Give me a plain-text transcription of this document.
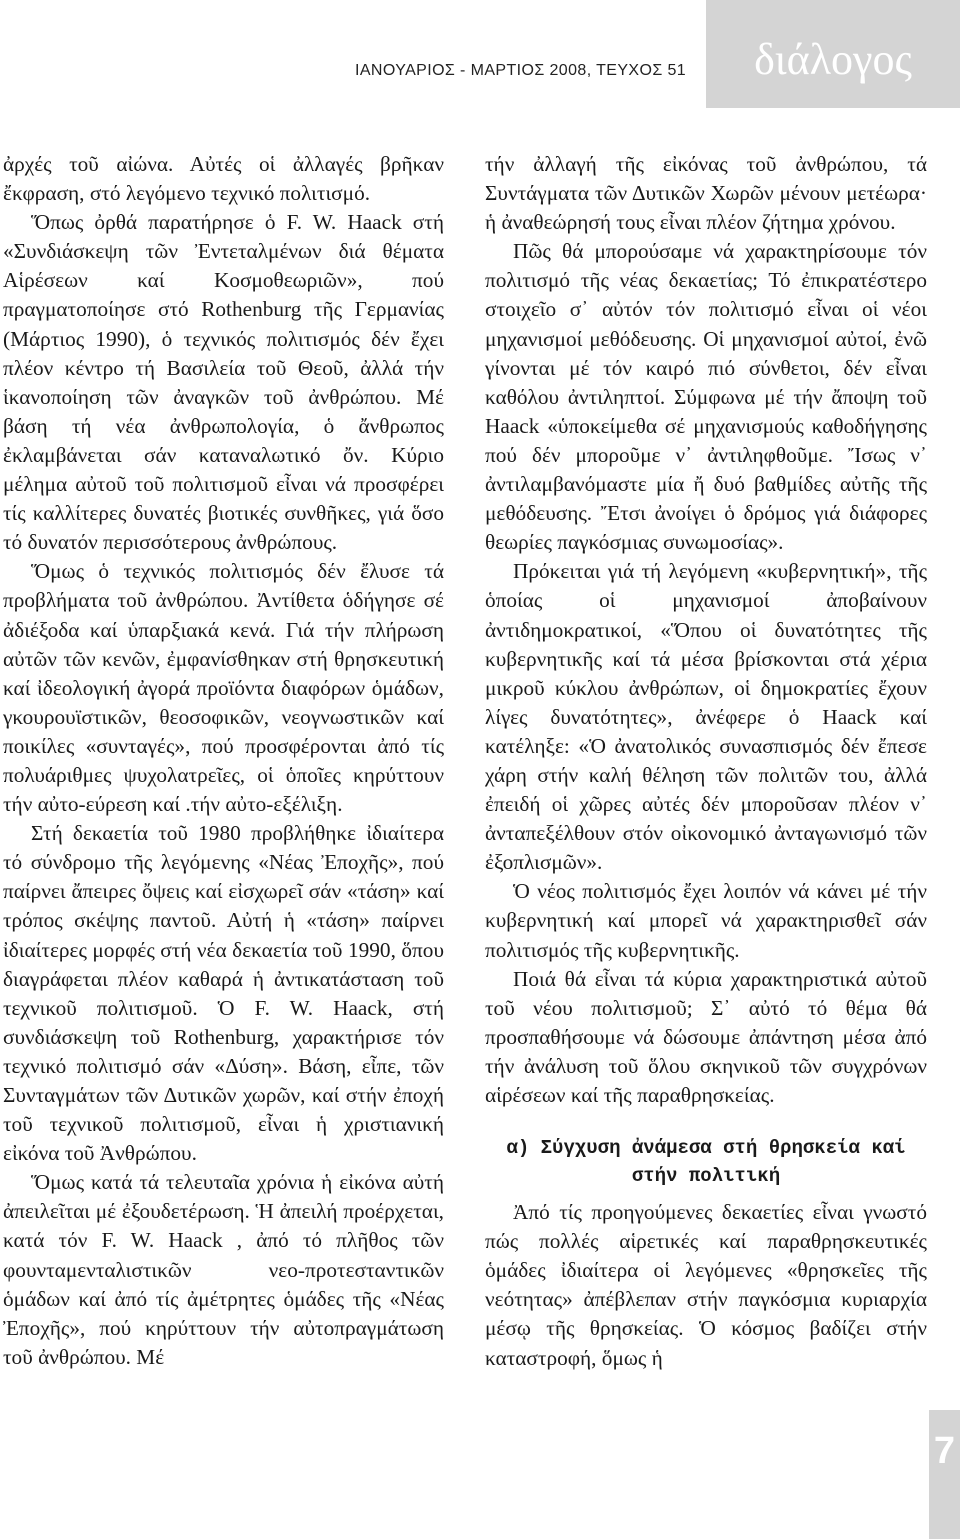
ΙΑΝΟΥΑΡΙΟΣ - ΜΑΡΤΙΟΣ 2008, ΤΕΥΧΟΣ 51	διάλογος

ἀρχές τοῦ αἰώνα. Αὐτές οἱ ἀλλαγές βρῆκαν ἔκφραση, στό λεγόμενο τεχνικό πολιτισμό.

Ὅπως ὀρθά παρατήρησε ὁ F. W. Haack στή «Συνδιάσκεψη τῶν Ἐντεταλμένων διά θέματα Αἱρέσεων καί Κοσμοθεωριῶν», πού πραγματοποίησε στό Rothenburg τῆς Γερμανίας (Μάρτιος 1990), ὁ τεχνικός πολιτισμός δέν ἔχει πλέον κέντρο τή Βασιλεία τοῦ Θεοῦ, ἀλλά τήν ἱκανοποίηση τῶν ἀναγκῶν τοῦ ἀνθρώπου. Μέ βάση τή νέα ἀνθρωπολογία, ὁ ἄνθρωπος ἐκλαμβάνεται σάν καταναλωτικό ὄν. Κύριο μέλημα αὐτοῦ τοῦ πολιτισμοῦ εἶναι νά προσφέρει τίς καλλίτερες δυνατές βιοτικές συνθῆκες, γιά ὅσο τό δυνατόν περισσότερους ἀνθρώπους.

Ὅμως ὁ τεχνικός πολιτισμός δέν ἔλυσε τά προβλήματα τοῦ ἀνθρώπου. Ἀντίθετα ὁδήγησε σέ ἀδιέξοδα καί ὑπαρξιακά κενά. Γιά τήν πλήρωση αὐτῶν τῶν κενῶν, ἐμφανίσθηκαν στή θρησκευτική καί ἰδεολογική ἀγορά προϊόντα διαφόρων ὁμάδων, γκουρουϊστικῶν, θεοσοφικῶν, νεογνωστικῶν καί ποικίλες «συνταγές», πού προσφέρονται ἀπό τίς πολυάριθμες ψυχολατρεῖες, οἱ ὁποῖες κηρύττουν τήν αὐτο-εύρεση καί .τήν αὐτο-εξέλιξη.

Στή δεκαετία τοῦ 1980 προβλήθηκε ἰδιαίτερα τό σύνδρομο τῆς λεγόμενης «Νέας Ἐποχῆς», πού παίρνει ἄπειρες ὄψεις καί εἰσχωρεῖ σάν «τάση» καί τρόπος σκέψης παντοῦ. Αὐτή ἡ «τάση» παίρνει ἰδιαίτερες μορφές στή νέα δεκαετία τοῦ 1990, ὅπου διαγράφεται πλέον καθαρά ἡ ἀντικατάσταση τοῦ τεχνικοῦ πολιτισμοῦ. Ὁ F. W. Haack, στή συνδιάσκεψη τοῦ Rothenburg, χαρακτήρισε τόν τεχνικό πολιτισμό σάν «Δύση». Βάση, εἶπε, τῶν Συνταγμάτων τῶν Δυτικῶν χωρῶν, καί στήν ἐποχή τοῦ τεχνικοῦ πολιτισμοῦ, εἶναι ἡ χριστιανική εἰκόνα τοῦ Ἀνθρώπου.

Ὅμως κατά τά τελευταῖα χρόνια ἡ εἰκόνα αὐτή ἀπειλεῖται μέ ἐξουδετέρωση. Ἡ ἀπειλή προέρχεται, κατά τόν F. W. Haack , ἀπό τό πλῆθος τῶν φουνταμενταλιστικῶν νεο-προτεσταντικῶν ὁμάδων καί ἀπό τίς ἀμέτρητες ὁμάδες τῆς «Νέας Ἐποχῆς», πού κηρύττουν τήν αὐτοπραγμάτωση τοῦ ἀνθρώπου. Μέ

τήν ἀλλαγή τῆς εἰκόνας τοῦ ἀνθρώπου, τά Συντάγματα τῶν Δυτικῶν Χωρῶν μένουν μετέωρα· ἡ ἀναθεώρησή τους εἶναι πλέον ζήτημα χρόνου.

Πῶς θά μπορούσαμε νά χαρακτηρίσουμε τόν πολιτισμό τῆς νέας δεκαετίας; Τό ἐπικρατέστερο στοιχεῖο σ᾽ αὐτόν τόν πολιτισμό εἶναι οἱ νέοι μηχανισμοί μεθόδευσης. Οἱ μηχανισμοί αὐτοί, ἐνῶ γίνονται μέ τόν καιρό πιό σύνθετοι, δέν εἶναι καθόλου ἀντιληπτοί. Σύμφωνα μέ τήν ἄποψη τοῦ Haack «ὑποκείμεθα σέ μηχανισμούς καθοδήγησης πού δέν μποροῦμε ν᾽ ἀντιληφθοῦμε. Ἴσως ν᾽ ἀντιλαμβανόμαστε μία ἤ δυό βαθμίδες αὐτῆς τῆς μεθόδευσης. Ἔτσι ἀνοίγει ὁ δρόμος γιά διάφορες θεωρίες παγκόσμιας συνωμοσίας».

Πρόκειται γιά τή λεγόμενη «κυβερνητική», τῆς ὁποίας οἱ μηχανισμοί ἀποβαίνουν ἀντιδημοκρατικοί, «Ὅπου οἱ δυνατότητες τῆς κυβερνητικῆς καί τά μέσα βρίσκονται στά χέρια μικροῦ κύκλου ἀνθρώπων, οἱ δημοκρατίες ἔχουν λίγες δυνατότητες», ἀνέφερε ὁ Haack καί κατέληξε: «Ὁ ἀνατολικός συνασπισμός δέν ἔπεσε χάρη στήν καλή θέληση τῶν πολιτῶν του, ἀλλά ἐπειδή οἱ χῶρες αὐτές δέν μποροῦσαν πλέον ν᾽ ἀνταπεξέλθουν στόν οἰκονομικό ἀνταγωνισμό τῶν ἐξοπλισμῶν».

Ὁ νέος πολιτισμός ἔχει λοιπόν νά κάνει μέ τήν κυβερνητική καί μπορεῖ νά χαρακτηρισθεῖ σάν πολιτισμός τῆς κυβερνητικῆς.

Ποιά θά εἶναι τά κύρια χαρακτηριστικά αὐτοῦ τοῦ νέου πολιτισμοῦ; Σ᾽ αὐτό τό θέμα θά προσπαθήσουμε νά δώσουμε ἀπάντηση μέσα ἀπό τήν ἀνάλυση τοῦ ὅλου σκηνικοῦ τῶν συγχρόνων αἱρέσεων καί τῆς παραθρησκείας.

α) Σύγχυση ἀνάμεσα στή θρησκεία καί στήν πολιτική

Ἀπό τίς προηγούμενες δεκαετίες εἶναι γνωστό πώς πολλές αἱρετικές καί παραθρησκευτικές ὁμάδες ἰδιαίτερα οἱ λεγόμενες «θρησκεῖες τῆς νεότητας» ἀπέβλεπαν στήν παγκόσμια κυριαρχία μέσῳ τῆς θρησκείας. Ὁ κόσμος βαδίζει στήν καταστροφή, ὅμως ἡ

7
